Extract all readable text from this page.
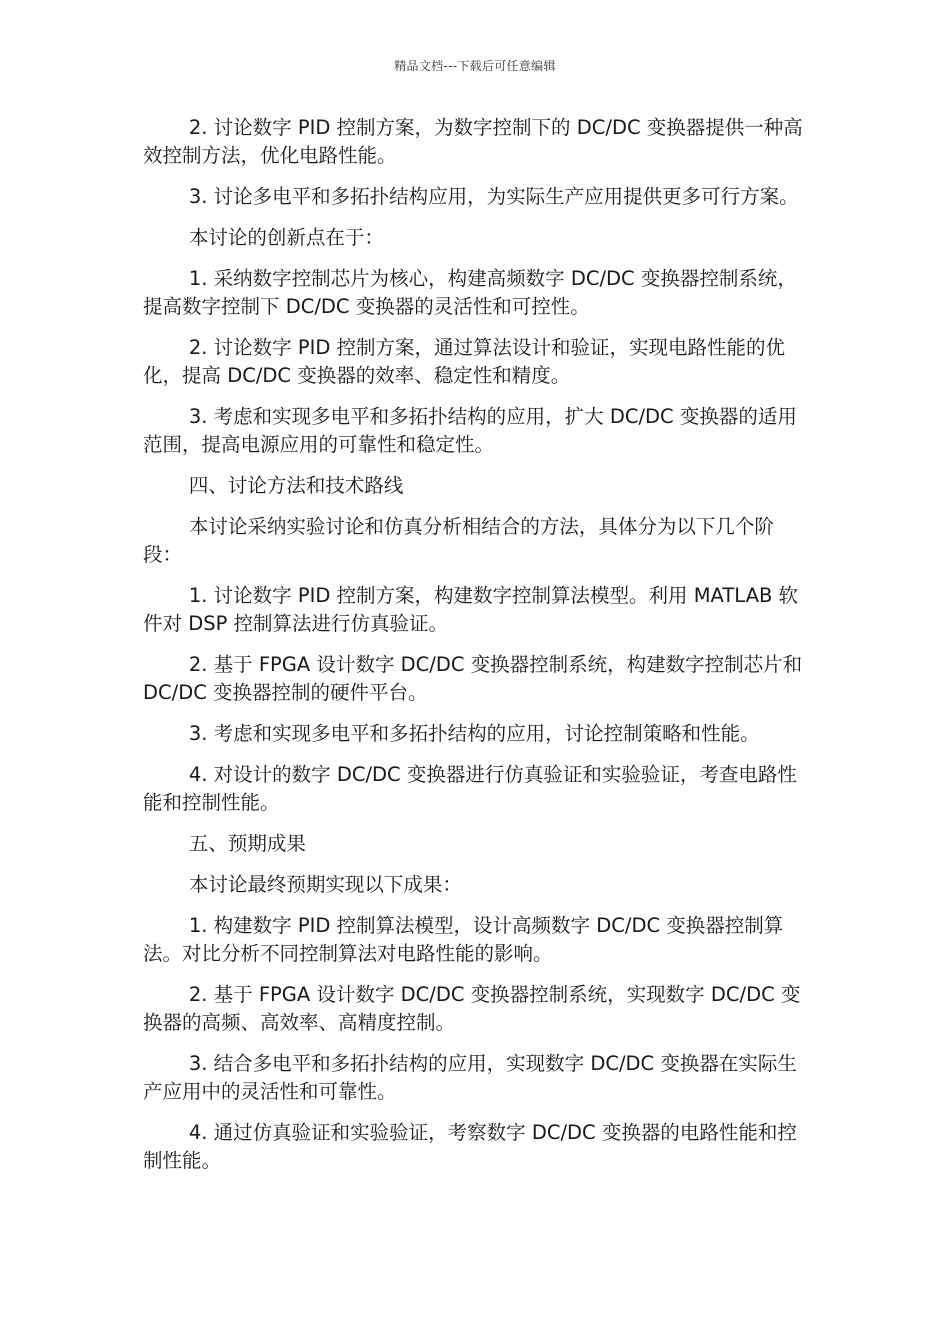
精品文档---下载后可任意编辑

2. 讨论数字 PID 控制方案，为数字控制下的 DC/DC 变换器提供一种高效控制方法，优化电路性能。

3. 讨论多电平和多拓扑结构应用，为实际生产应用提供更多可行方案。

本讨论的创新点在于：

1. 采纳数字控制芯片为核心，构建高频数字 DC/DC 变换器控制系统，提高数字控制下 DC/DC 变换器的灵活性和可控性。

2. 讨论数字 PID 控制方案，通过算法设计和验证，实现电路性能的优化，提高 DC/DC 变换器的效率、稳定性和精度。

3. 考虑和实现多电平和多拓扑结构的应用，扩大 DC/DC 变换器的适用范围，提高电源应用的可靠性和稳定性。

四、讨论方法和技术路线

本讨论采纳实验讨论和仿真分析相结合的方法，具体分为以下几个阶段：

1. 讨论数字 PID 控制方案，构建数字控制算法模型。利用 MATLAB 软件对 DSP 控制算法进行仿真验证。

2. 基于 FPGA 设计数字 DC/DC 变换器控制系统，构建数字控制芯片和 DC/DC 变换器控制的硬件平台。

3. 考虑和实现多电平和多拓扑结构的应用，讨论控制策略和性能。

4. 对设计的数字 DC/DC 变换器进行仿真验证和实验验证，考查电路性能和控制性能。

五、预期成果

本讨论最终预期实现以下成果：

1. 构建数字 PID 控制算法模型，设计高频数字 DC/DC 变换器控制算法。对比分析不同控制算法对电路性能的影响。

2. 基于 FPGA 设计数字 DC/DC 变换器控制系统，实现数字 DC/DC 变换器的高频、高效率、高精度控制。

3. 结合多电平和多拓扑结构的应用，实现数字 DC/DC 变换器在实际生产应用中的灵活性和可靠性。

4. 通过仿真验证和实验验证，考察数字 DC/DC 变换器的电路性能和控制性能。
